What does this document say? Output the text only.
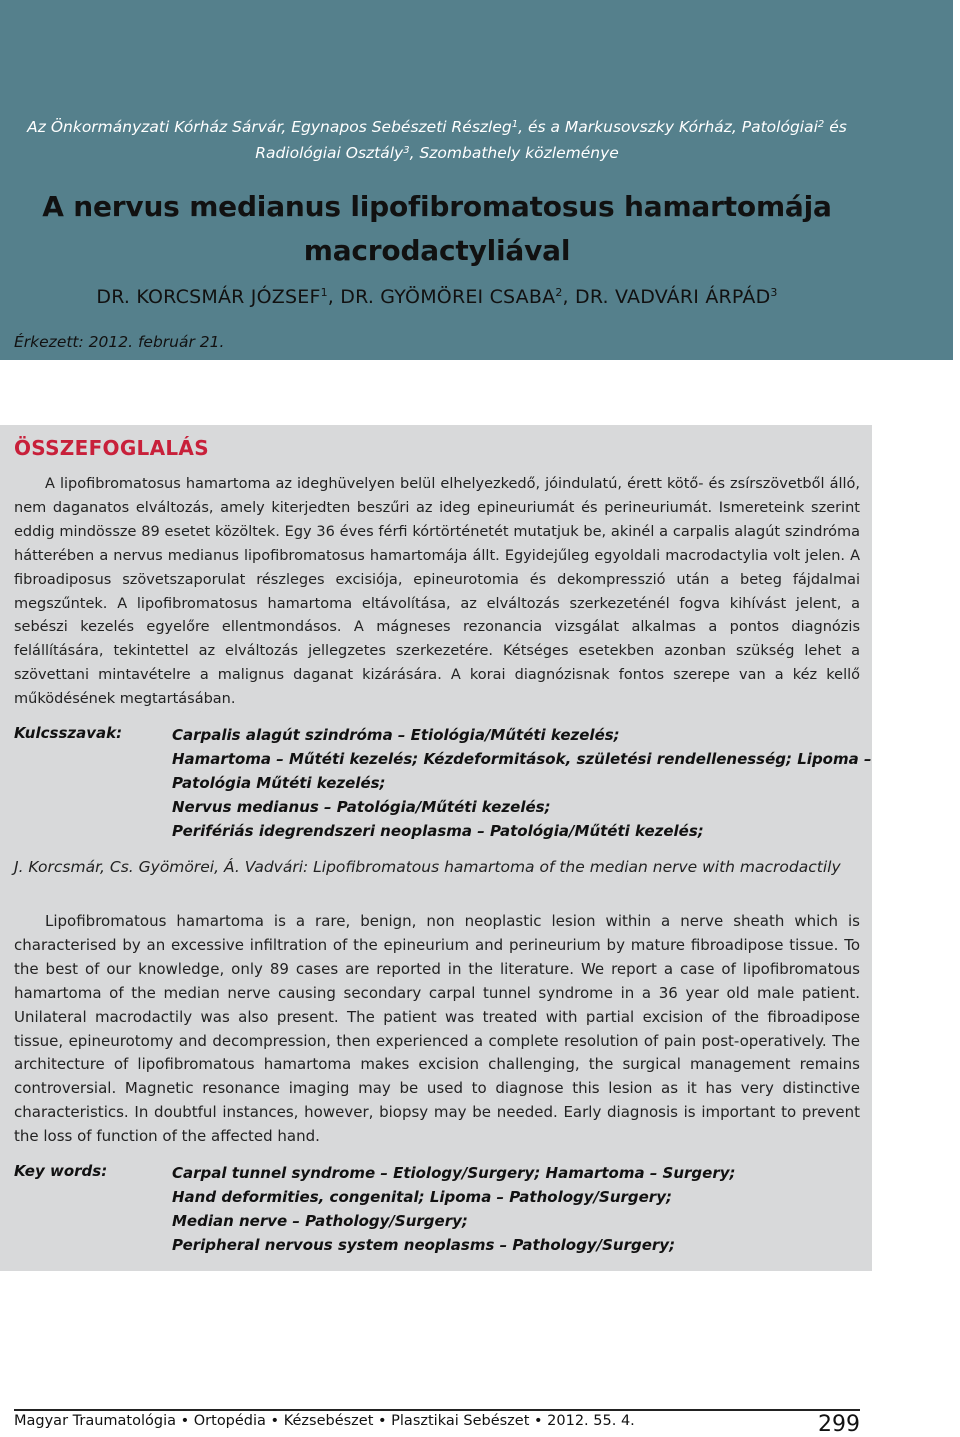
Az Önkormányzati Kórház Sárvár, Egynapos Sebészeti Részleg$^1$, és a Markusovszky Kórház, Patológiai$^2$ és
Radiológiai Osztály$^3$, Szombathely közleménye
A nervus medianus lipofibromatosus hamartomája
macrodactyliával
DR. KORCSMÁR JÓZSEF$^1$, DR. GYÖMÖREI CSABA$^2$, DR. VADVÁRI ÁRPÁD$^3$
Érkezett: 2012. február 21.
ÖSSZEFOGLALÁS

A lipofibromatosus hamartoma az ideghüvelyen belül elhelyezkedő, jóindulatú, érett kötő- és zsírszövetből álló, nem daganatos elváltozás, amely kiterjedten beszűri az ideg epineuriumát és perineuriumát. Ismereteink szerint eddig mindössze 89 esetet közöltek. Egy 36 éves férfi kórtörténetét mutatjuk be, akinél a carpalis alagút szindróma hátterében a nervus medianus lipofibromatosus hamartomája állt. Egyidejűleg egyoldali macrodactylia volt jelen. A fibroadiposus szövetszaporulat részleges excisiója, epineurotomia és dekompresszió után a beteg fájdalmai megszűntek. A lipofibromatosus hamartoma eltávolítása, az elváltozás szerkezeténél fogva kihívást jelent, a sebészi kezelés egyelőre ellentmondásos. A mágneses rezonancia vizsgálat alkalmas a pontos diagnózis felállítására, tekintettel az elváltozás jellegzetes szerkezetére. Kétséges esetekben azonban szükség lehet a szövettani mintavételre a malignus daganat kizárására. A korai diagnózisnak fontos szerepe van a kéz kellő működésének megtartásában.

Kulcsszavak:	Carpalis alagút szindróma – Etiológia/Műtéti kezelés;
Hamartoma – Műtéti kezelés; Kézdeformitások, születési rendellenesség; Lipoma –
Patológia Műtéti kezelés;
Nervus medianus – Patológia/Műtéti kezelés;
Perifériás idegrendszeri neoplasma – Patológia/Műtéti kezelés;

J. Korcsmár, Cs. Gyömörei, Á. Vadvári: Lipofibromatous hamartoma of the median nerve with macrodactily

Lipofibromatous hamartoma is a rare, benign, non neoplastic lesion within a nerve sheath which is characterised by an excessive infiltration of the epineurium and perineurium by mature fibroadipose tissue. To the best of our knowledge, only 89 cases are reported in the literature. We report a case of lipofibromatous hamartoma of the median nerve causing secondary carpal tunnel syndrome in a 36 year old male patient. Unilateral macrodactily was also present. The patient was treated with partial excision of the fibroadipose tissue, epineurotomy and decompression, then experienced a complete resolution of pain post-operatively. The architecture of lipofibromatous hamartoma makes excision challenging, the surgical management remains controversial. Magnetic resonance imaging may be used to diagnose this lesion as it has very distinctive characteristics. In doubtful instances, however, biopsy may be needed. Early diagnosis is important to prevent the loss of function of the affected hand.

Key words:	Carpal tunnel syndrome – Etiology/Surgery; Hamartoma – Surgery;
Hand deformities, congenital; Lipoma – Pathology/Surgery;
Median nerve – Pathology/Surgery;
Peripheral nervous system neoplasms – Pathology/Surgery;
Magyar Traumatológia • Ortopédia • Kézsebészet • Plasztikai Sebészet • 2012. 55. 4.	299
